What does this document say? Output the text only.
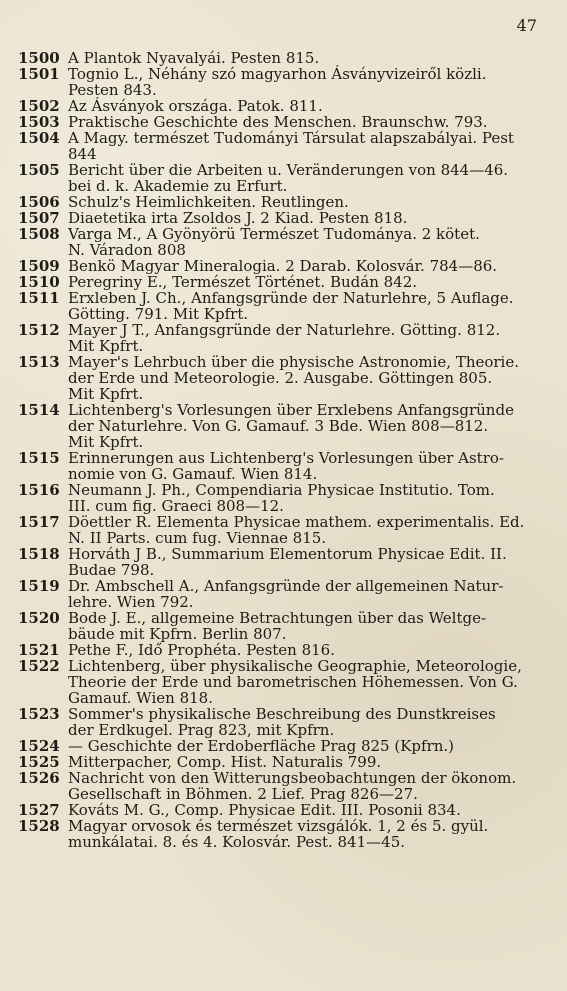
47
1500 A Plantok Nyavalyái. Pesten 815.
1501 Tognio L., Néhány szó magyarhon Ásványvizeiről közli.
Pesten 843.
1502 Az Ásványok országa. Patok. 811.
1503 Praktische Geschichte des Menschen. Braunschw. 793.
1504 A Magy. természet Tudományi Társulat alapszabályai. Pest
844
1505 Bericht über die Arbeiten u. Veränderungen von 844—46.
bei d. k. Akademie zu Erfurt.
1506 Schulz's Heimlichkeiten. Reutlingen.
1507 Diaetetika irta Zsoldos J. 2 Kiad. Pesten 818.
1508 Varga M., A Gyönyörü Természet Tudománya. 2 kötet.
N. Váradon 808
1509 Benkö Magyar Mineralogia. 2 Darab. Kolosvár. 784—86.
1510 Peregriny E., Természet Történet. Budán 842.
1511 Erxleben J. Ch., Anfangsgründe der Naturlehre, 5 Auflage.
Götting. 791. Mit Kpfrt.
1512 Mayer J T., Anfangsgründe der Naturlehre. Götting. 812.
Mit Kpfrt.
1513 Mayer's Lehrbuch über die physische Astronomie, Theorie.
der Erde und Meteorologie. 2. Ausgabe. Göttingen 805.
Mit Kpfrt.
1514 Lichtenberg's Vorlesungen über Erxlebens Anfangsgründe
der Naturlehre. Von G. Gamauf. 3 Bde. Wien 808—812.
Mit Kpfrt.
1515 Erinnerungen aus Lichtenberg's Vorlesungen über Astro-
nomie von G. Gamauf. Wien 814.
1516 Neumann J. Ph., Compendiaria Physicae Institutio. Tom.
III. cum fig. Graeci 808—12.
1517 Döettler R. Elementa Physicae mathem. experimentalis. Ed.
N. II Parts. cum fug. Viennae 815.
1518 Horváth J B., Summarium Elementorum Physicae Edit. II.
Budae 798.
1519 Dr. Ambschell A., Anfangsgründe der allgemeinen Natur-
lehre. Wien 792.
1520 Bode J. E., allgemeine Betrachtungen über das Weltge-
bäude mit Kpfrn. Berlin 807.
1521 Pethe F., Idő Prophéta. Pesten 816.
1522 Lichtenberg, über physikalische Geographie, Meteorologie,
Theorie der Erde und barometrischen Höhemessen. Von G.
Gamauf. Wien 818.
1523 Sommer's physikalische Beschreibung des Dunstkreises
der Erdkugel. Prag 823, mit Kpfrn.
1524 — Geschichte der Erdoberfläche Prag 825 (Kpfrn.)
1525 Mitterpacher, Comp. Hist. Naturalis 799.
1526 Nachricht von den Witterungsbeobachtungen der ökonom.
Gesellschaft in Böhmen. 2 Lief. Prag 826—27.
1527 Kováts M. G., Comp. Physicae Edit. III. Posonii 834.
1528 Magyar orvosok és természet vizsgálók. 1, 2 és 5. gyül.
munkálatai. 8. és 4. Kolosvár. Pest. 841—45.
